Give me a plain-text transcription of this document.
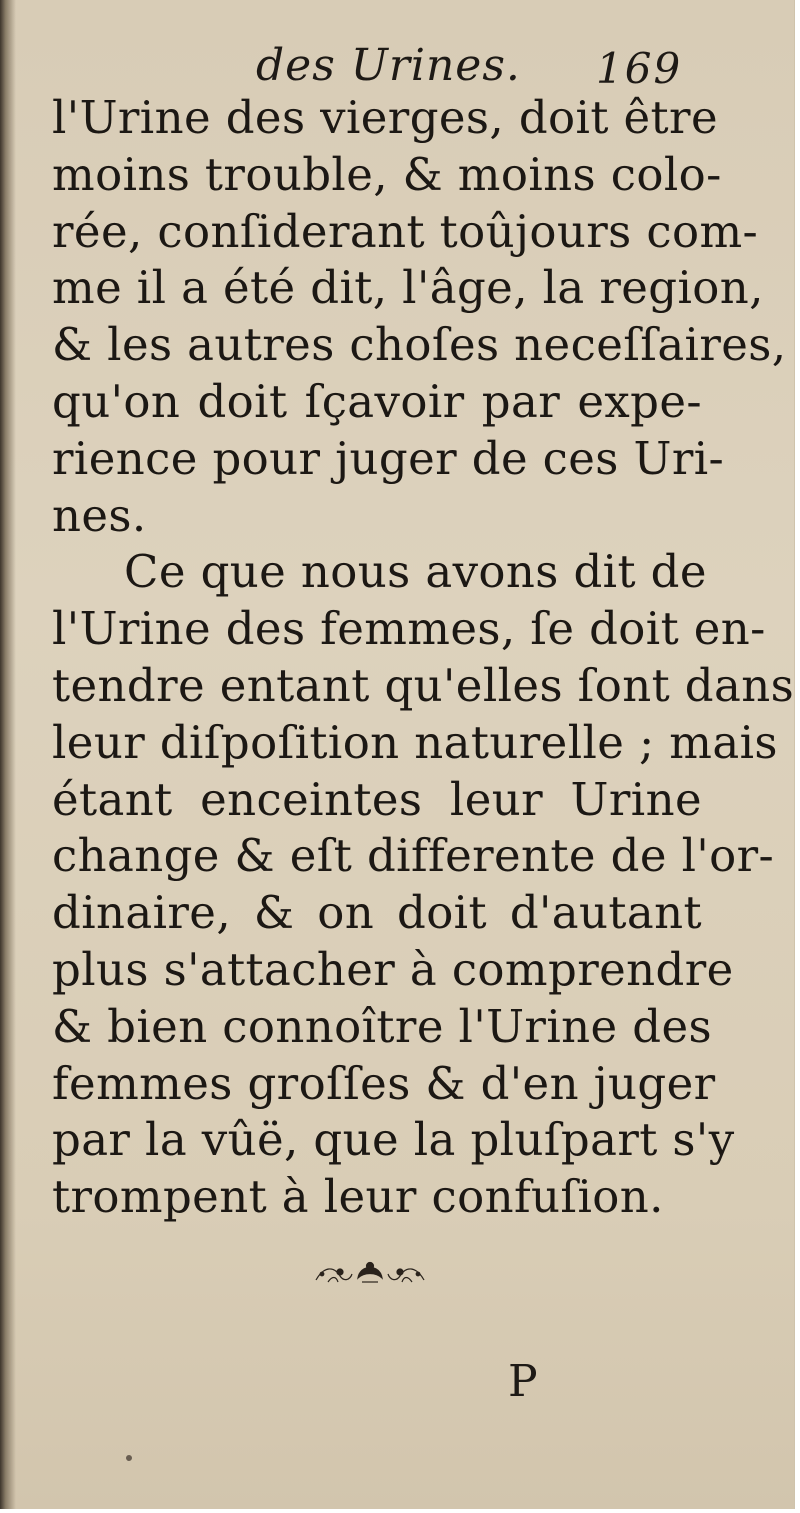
des Urines. 169
l'Urine des vierges, doit être
moins trouble, & moins colo-
rée, conſiderant toûjours com-
me il a été dit, l'âge, la region,
& les autres choſes neceſſaires,
qu'on doit ſçavoir par expe-
rience pour juger de ces Uri-
nes.
Ce que nous avons dit de
l'Urine des femmes, ſe doit en-
tendre entant qu'elles ſont dans
leur diſpoſition naturelle ; mais
étant enceintes leur Urine
change & eſt differente de l'or-
dinaire, & on doit d'autant
plus s'attacher à comprendre
& bien connoître l'Urine des
femmes groſſes & d'en juger
par la vûë, que la pluſpart s'y
trompent à leur confuſion.
P
